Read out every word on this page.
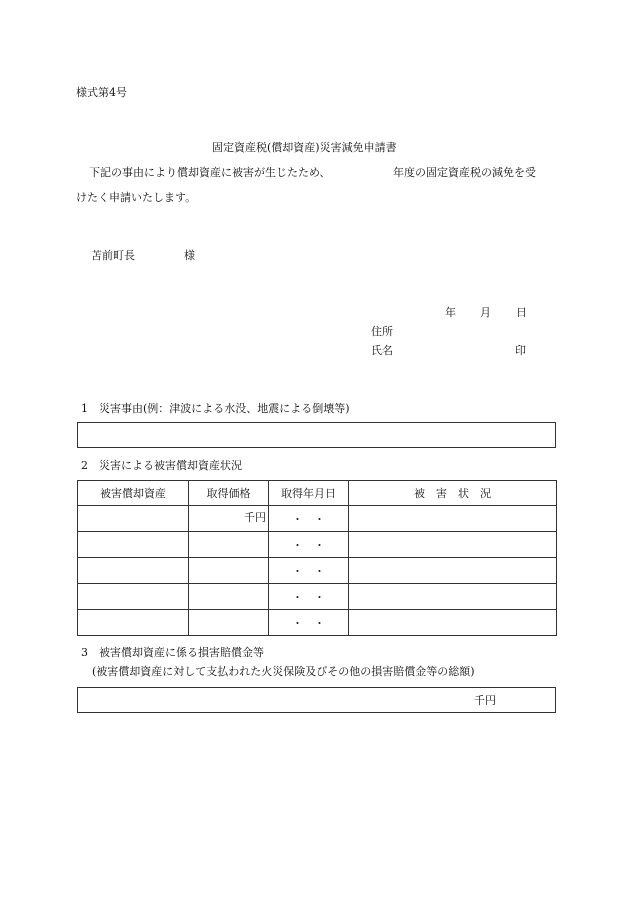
様式第4号
固定資産税(償却資産)災害減免申請書
下記の事由により償却資産に被害が生じたため、	年度の固定資産税の減免を受
けたく申請いたします。
苫前町長	様
年 月 日
住所
氏名	印
1　災害事由(例：津波による水没、地震による倒壊等)
2　災害による被害償却資産状況
被害償却資産	取得価格	取得年月日	被　害　状　況
	千円	・　・	
		・　・	
		・　・	
		・　・	
		・　・	
3　被害償却資産に係る損害賠償金等
(被害償却資産に対して支払われた火災保険及びその他の損害賠償金等の総額)
千円
